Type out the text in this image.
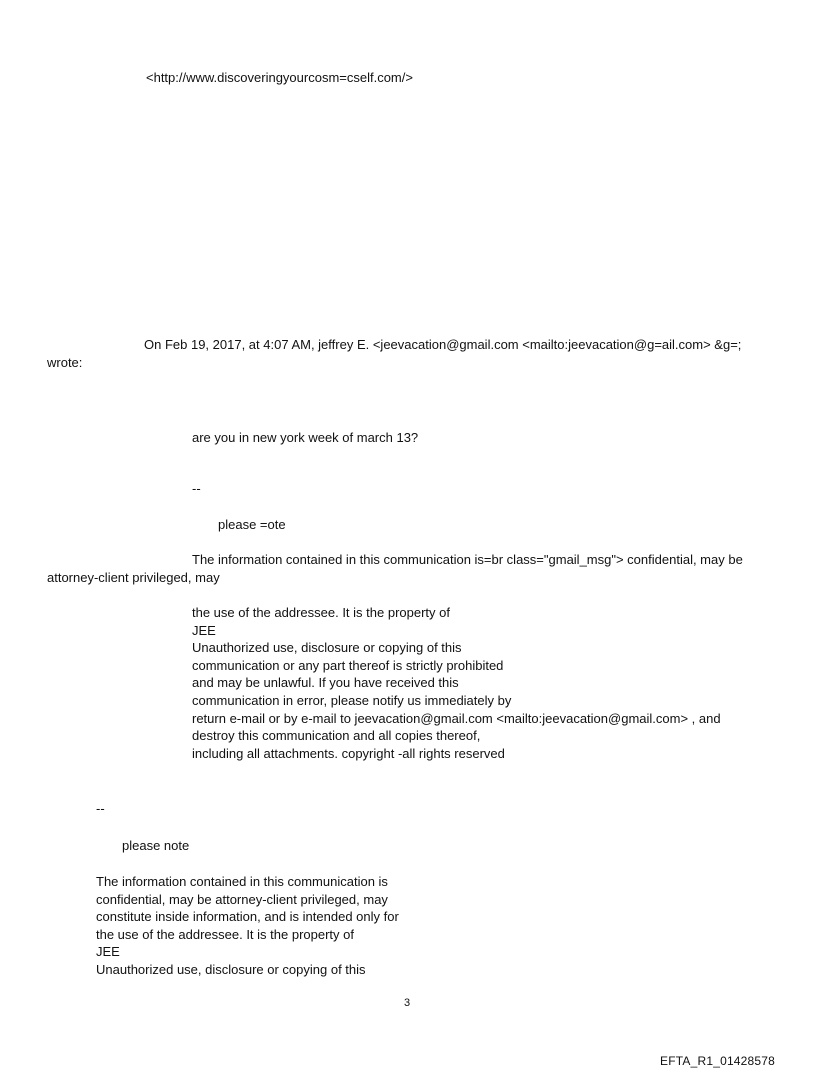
<http://www.discoveringyourcosm=cself.com/>
On Feb 19, 2017, at 4:07 AM, jeffrey E. <jeevacation@gmail.com <mailto:jeevacation@g=ail.com> &g=;
wrote:
are you in new york week of march 13?
--
please =ote
The information contained in this communication is=br class="gmail_msg"> confidential, may be
attorney-client privileged, may
the use of the addressee. It is the property of
JEE
Unauthorized use, disclosure or copying of this
communication or any part thereof is strictly prohibited
and may be unlawful. If you have received this
communication in error, please notify us immediately by
return e-mail or by e-mail to jeevacation@gmail.com <mailto:jeevacation@gmail.com> , and
destroy this communication and all copies thereof,
including all attachments. copyright -all rights reserved
--
please note
The information contained in this communication is
confidential, may be attorney-client privileged, may
constitute inside information, and is intended only for
the use of the addressee. It is the property of
JEE
Unauthorized use, disclosure or copying of this
3
EFTA_R1_01428578
